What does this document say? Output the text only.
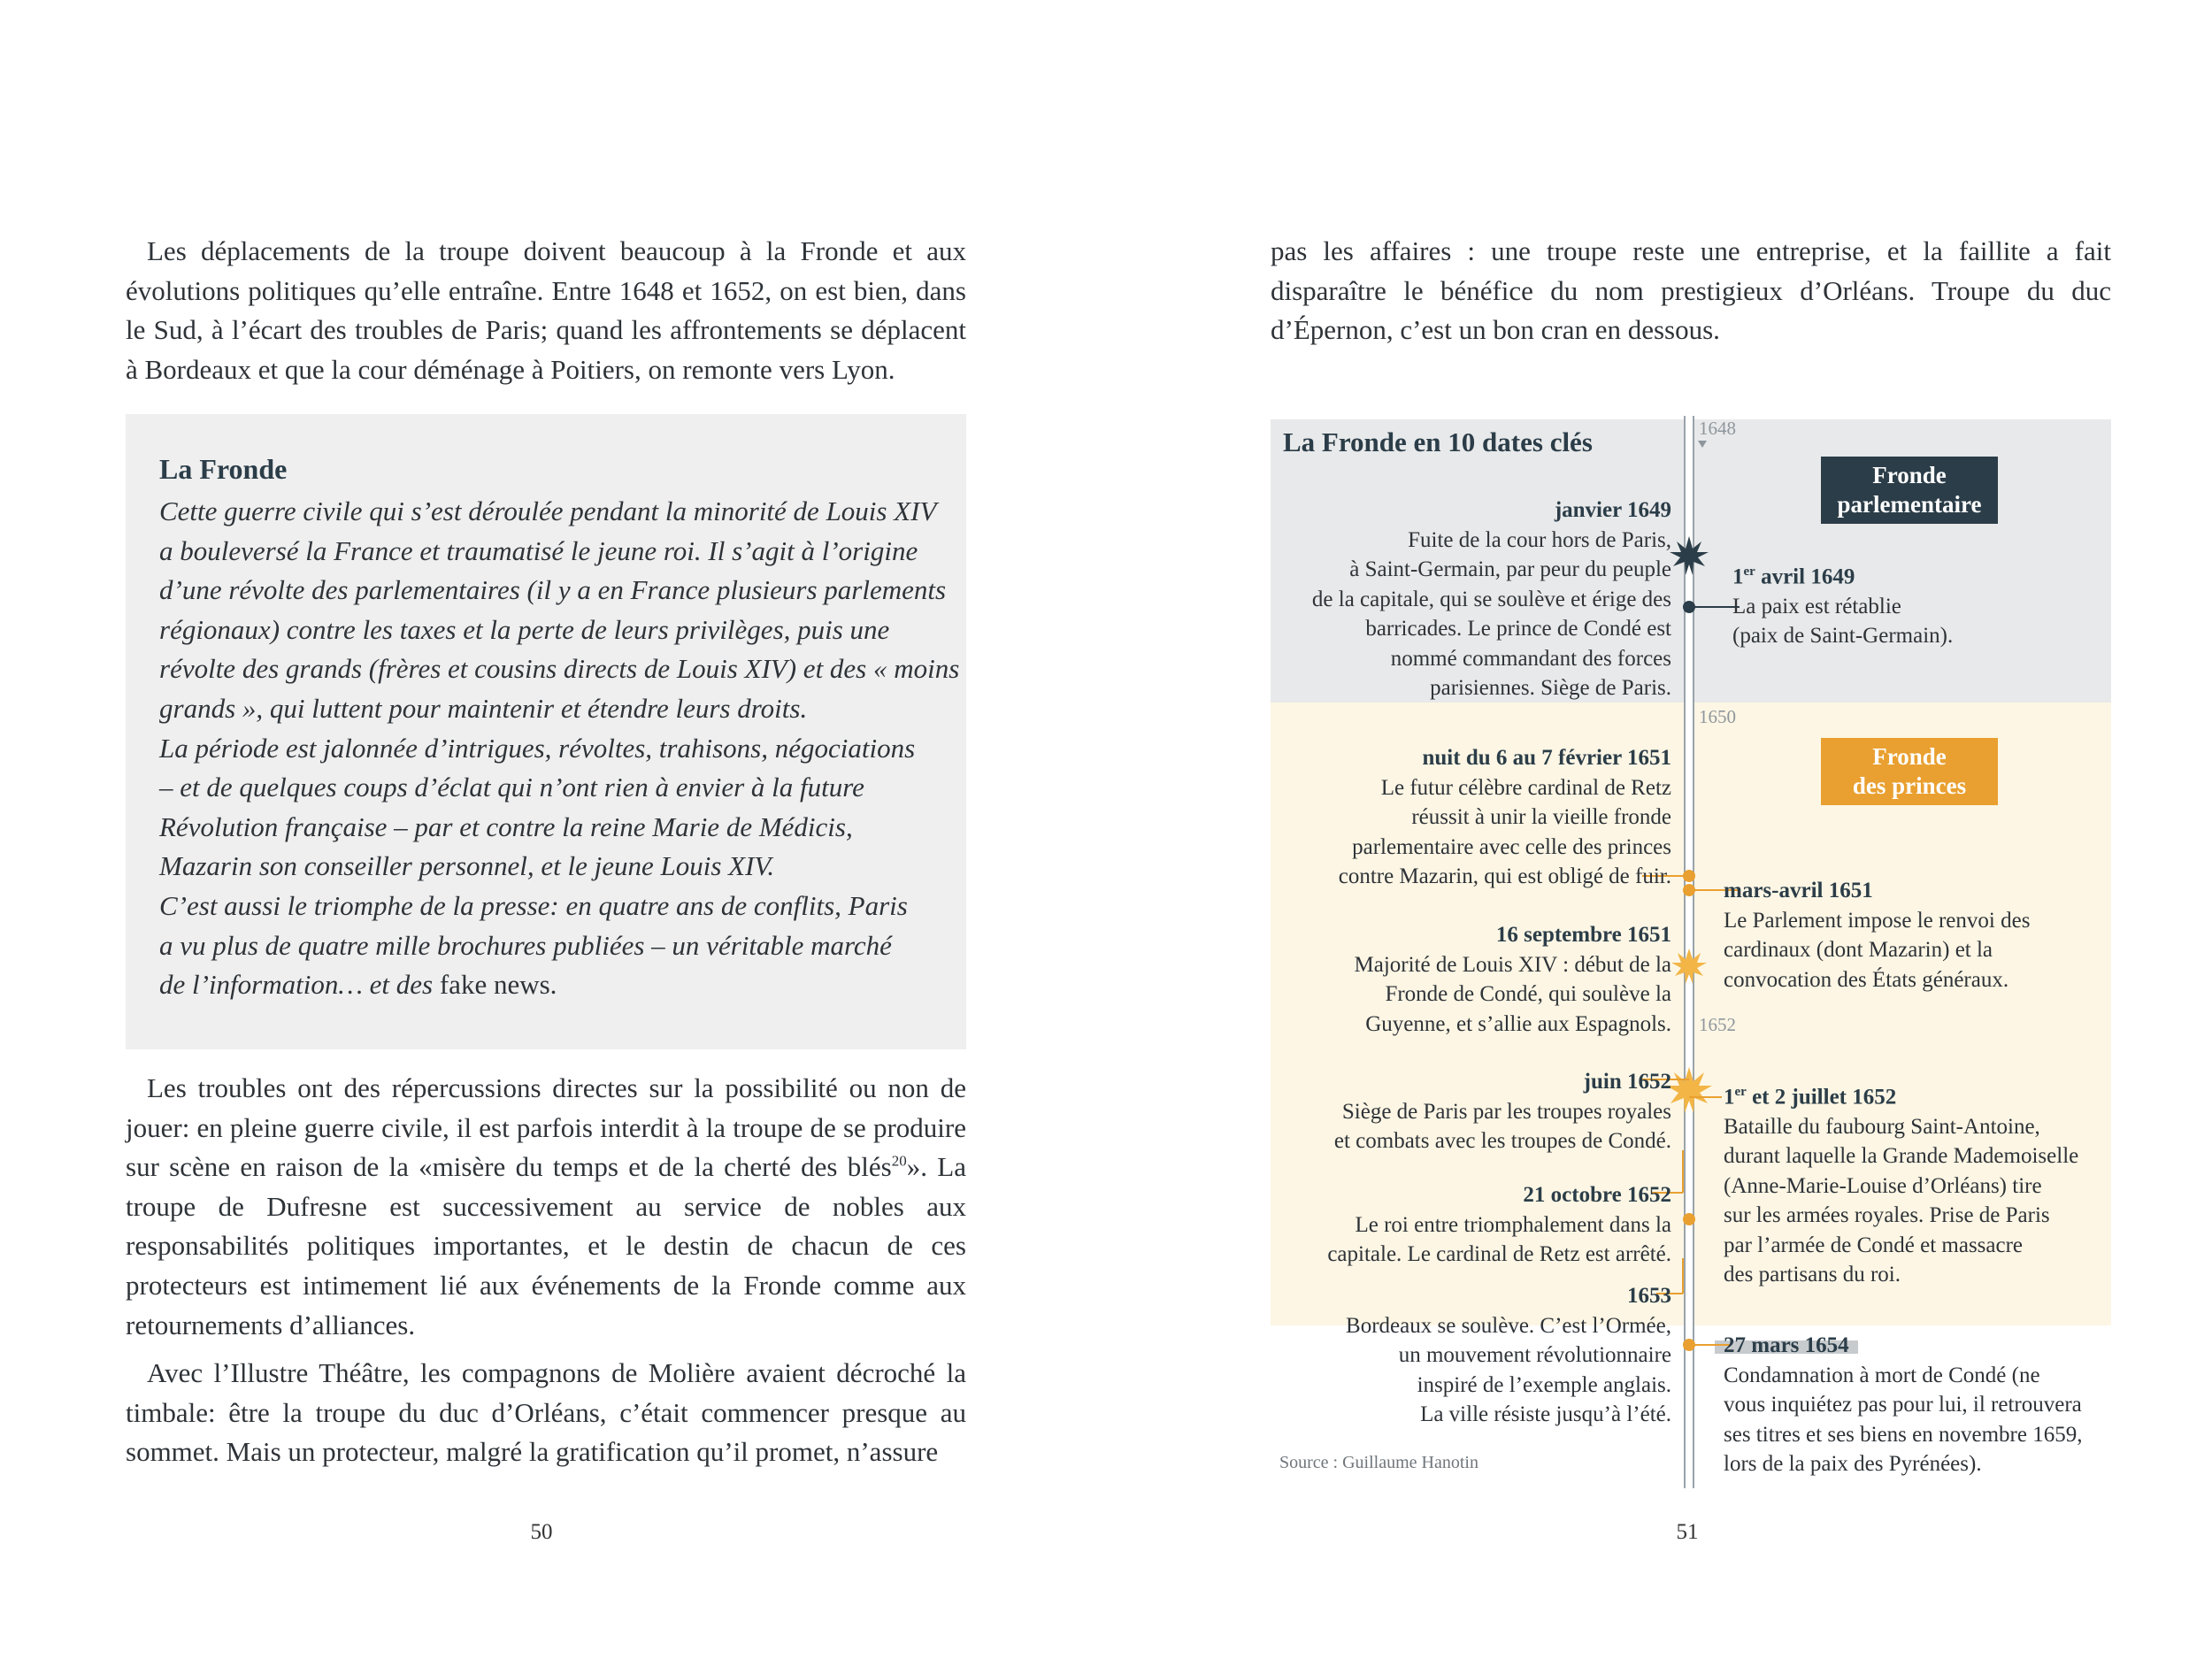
Les déplacements de la troupe doivent beaucoup à la Fronde et aux évolutions politiques qu’elle entraîne. Entre 1648 et 1652, on est bien, dans le Sud, à l’écart des troubles de Paris; quand les affrontements se déplacent à Bordeaux et que la cour déménage à Poitiers, on remonte vers Lyon.

La Fronde
Cette guerre civile qui s’est déroulée pendant la minorité de Louis XIV
a bouleversé la France et traumatisé le jeune roi. Il s’agit à l’origine
d’une révolte des parlementaires (il y a en France plusieurs parlements
régionaux) contre les taxes et la perte de leurs privilèges, puis une
révolte des grands (frères et cousins directs de Louis XIV) et des « moins
grands », qui luttent pour maintenir et étendre leurs droits.
La période est jalonnée d’intrigues, révoltes, trahisons, négociations
– et de quelques coups d’éclat qui n’ont rien à envier à la future
Révolution française – par et contre la reine Marie de Médicis,
Mazarin son conseiller personnel, et le jeune Louis XIV.
C’est aussi le triomphe de la presse: en quatre ans de conflits, Paris
a vu plus de quatre mille brochures publiées – un véritable marché
de l’information… et des fake news.

Les troubles ont des répercussions directes sur la possibilité ou non de jouer: en pleine guerre civile, il est parfois interdit à la troupe de se produire sur scène en raison de la «misère du temps et de la cherté des blés$^{20}$». La troupe de Dufresne est successivement au service de nobles aux responsabilités politiques importantes, et le destin de chacun de ces protecteurs est intimement lié aux événements de la Fronde comme aux retournements d’alliances.

Avec l’Illustre Théâtre, les compagnons de Molière avaient décroché la timbale: être la troupe du duc d’Orléans, c’était commencer presque au sommet. Mais un protecteur, malgré la gratification qu’il promet, n’assure

50

pas les affaires : une troupe reste une entreprise, et la faillite a fait disparaître le bénéfice du nom prestigieux d’Orléans. Troupe du duc d’Épernon, c’est un bon cran en dessous.

La Fronde en 10 dates clés	1648
1650
1652
Fronde
parlementaire
Fronde
des princes
janvier 1649
Fuite de la cour hors de Paris,
à Saint-Germain, par peur du peuple
de la capitale, qui se soulève et érige des
barricades. Le prince de Condé est
nommé commandant des forces
parisiennes. Siège de Paris.
1er avril 1649
La paix est rétablie
(paix de Saint-Germain).
nuit du 6 au 7 février 1651
Le futur célèbre cardinal de Retz
réussit à unir la vieille fronde
parlementaire avec celle des princes
contre Mazarin, qui est obligé de fuir.
mars-avril 1651
Le Parlement impose le renvoi des
cardinaux (dont Mazarin) et la
convocation des États généraux.
16 septembre 1651
Majorité de Louis XIV : début de la
Fronde de Condé, qui soulève la
Guyenne, et s’allie aux Espagnols.
juin 1652
Siège de Paris par les troupes royales
et combats avec les troupes de Condé.
1er et 2 juillet 1652
Bataille du faubourg Saint-Antoine,
durant laquelle la Grande Mademoiselle
(Anne-Marie-Louise d’Orléans) tire
sur les armées royales. Prise de Paris
par l’armée de Condé et massacre
des partisans du roi.
21 octobre 1652
Le roi entre triomphalement dans la
capitale. Le cardinal de Retz est arrêté.
1653
Bordeaux se soulève. C’est l’Ormée,
un mouvement révolutionnaire
inspiré de l’exemple anglais.
La ville résiste jusqu’à l’été.
27 mars 1654
Condamnation à mort de Condé (ne
vous inquiétez pas pour lui, il retrouvera
ses titres et ses biens en novembre 1659,
lors de la paix des Pyrénées).
Source : Guillaume Hanotin
51
